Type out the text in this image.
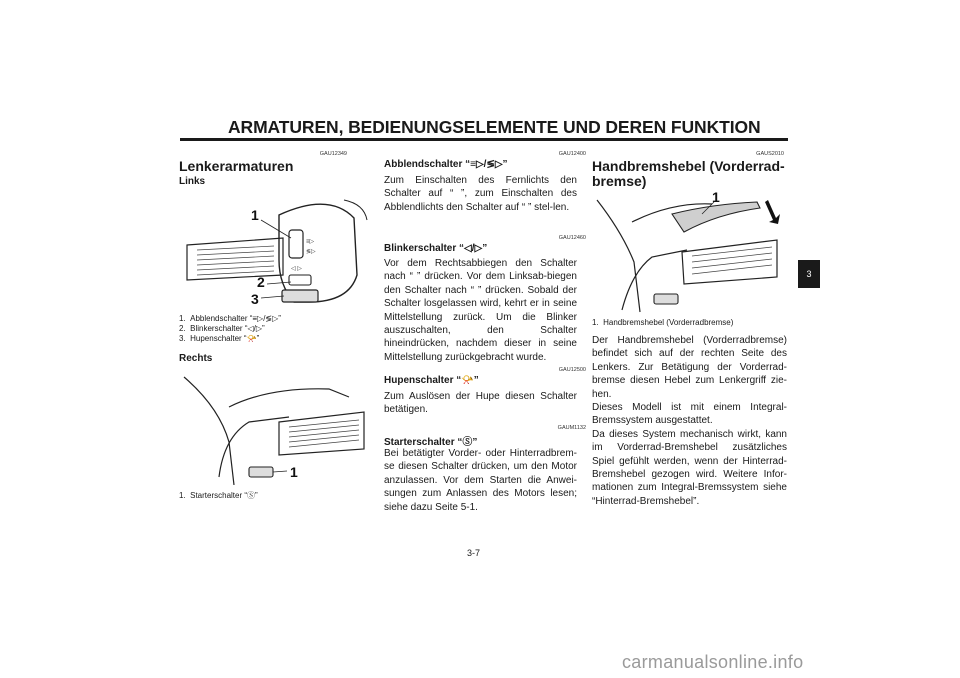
ARMATUREN, BEDIENUNGSELEMENTE UND DEREN FUNKTION
3
GAU12349
Lenkerarmaturen
Links
≡▷
≶▷
◁ ▷
1
2
3
1. Abblendschalter “≡▷/≶▷”
2. Blinkerschalter “◁/▷”
3. Hupenschalter “📯”
Rechts
1
1. Starterschalter “Ⓢ”
GAU12400
Abblendschalter “≡▷/≶▷”
Zum Einschalten des Fernlichts den Schalter auf “ ”, zum Einschalten des Abblendlichts den Schalter auf “ ” stel-len.
GAU12460
Blinkerschalter “◁/▷”
Vor dem Rechtsabbiegen den Schalter nach “ ” drücken. Vor dem Linksab-biegen den Schalter nach “ ” drücken. Sobald der Schalter losgelassen wird, kehrt er in seine Mittelstellung zurück. Um die Blinker auszuschalten, den Schalter hineindrücken, nachdem dieser in seine Mittelstellung zurückgebracht wurde.
GAU12500
Hupenschalter “📯”
Zum Auslösen der Hupe diesen Schalter betätigen.
GAUM1132
Starterschalter “Ⓢ”
Bei betätigter Vorder- oder Hinterradbrem-se diesen Schalter drücken, um den Motor anzulassen. Vor dem Starten die Anwei-sungen zum Anlassen des Motors lesen; siehe dazu Seite 5-1.
GAUS2010
Handbremshebel (Vorderrad-bremse)
1
1. Handbremshebel (Vorderradbremse)
Der Handbremshebel (Vorderradbremse) befindet sich auf der rechten Seite des Lenkers. Zur Betätigung der Vorderrad-bremse diesen Hebel zum Lenkergriff zie-hen.
Dieses Modell ist mit einem Integral-Bremssystem ausgestattet.
Da dieses System mechanisch wirkt, kann im Vorderrad-Bremshebel zusätzliches Spiel gefühlt werden, wenn der Hinterrad-Bremshebel gezogen wird. Weitere Infor-mationen zum Integral-Bremssystem siehe “Hinterrad-Bremshebel”.
3-7
carmanualsonline.info
